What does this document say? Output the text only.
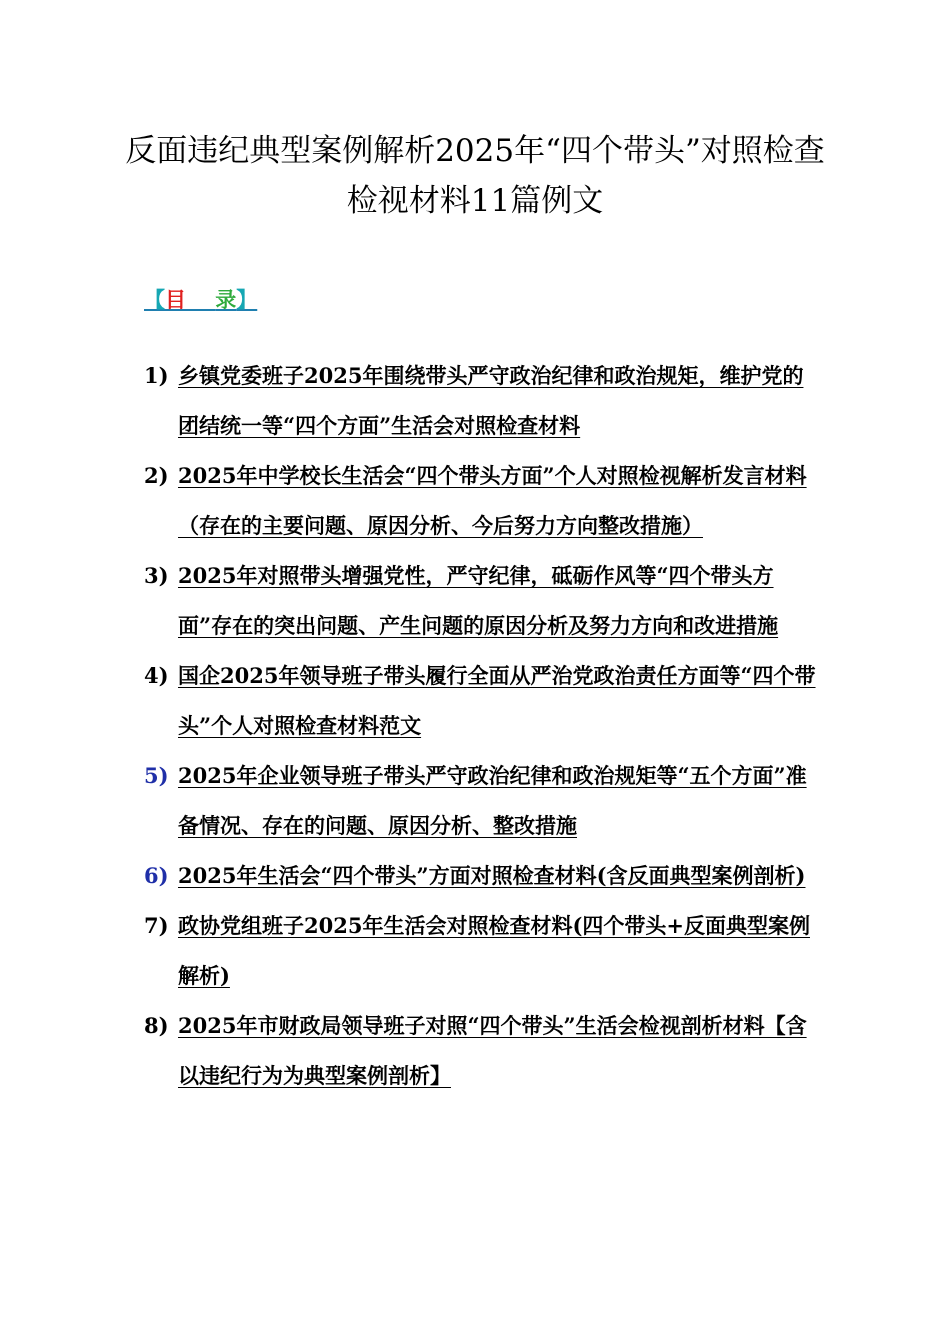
反面违纪典型案例解析2025年“四个带头”对照检查检视材料11篇例文
【目 录】
1) 乡镇党委班子2025年围绕带头严守政治纪律和政治规矩，维护党的团结统一等“四个方面”生活会对照检查材料
2) 2025年中学校长生活会“四个带头方面”个人对照检视解析发言材料（存在的主要问题、原因分析、今后努力方向整改措施）
3) 2025年对照带头增强党性，严守纪律，砥砺作风等“四个带头方面”存在的突出问题、产生问题的原因分析及努力方向和改进措施
4) 国企2025年领导班子带头履行全面从严治党政治责任方面等“四个带头”个人对照检查材料范文
5) 2025年企业领导班子带头严守政治纪律和政治规矩等“五个方面”准备情况、存在的问题、原因分析、整改措施
6) 2025年生活会“四个带头”方面对照检查材料(含反面典型案例剖析)
7) 政协党组班子2025年生活会对照检查材料(四个带头+反面典型案例解析)
8) 2025年市财政局领导班子对照“四个带头”生活会检视剖析材料【含以违纪行为为典型案例剖析】
